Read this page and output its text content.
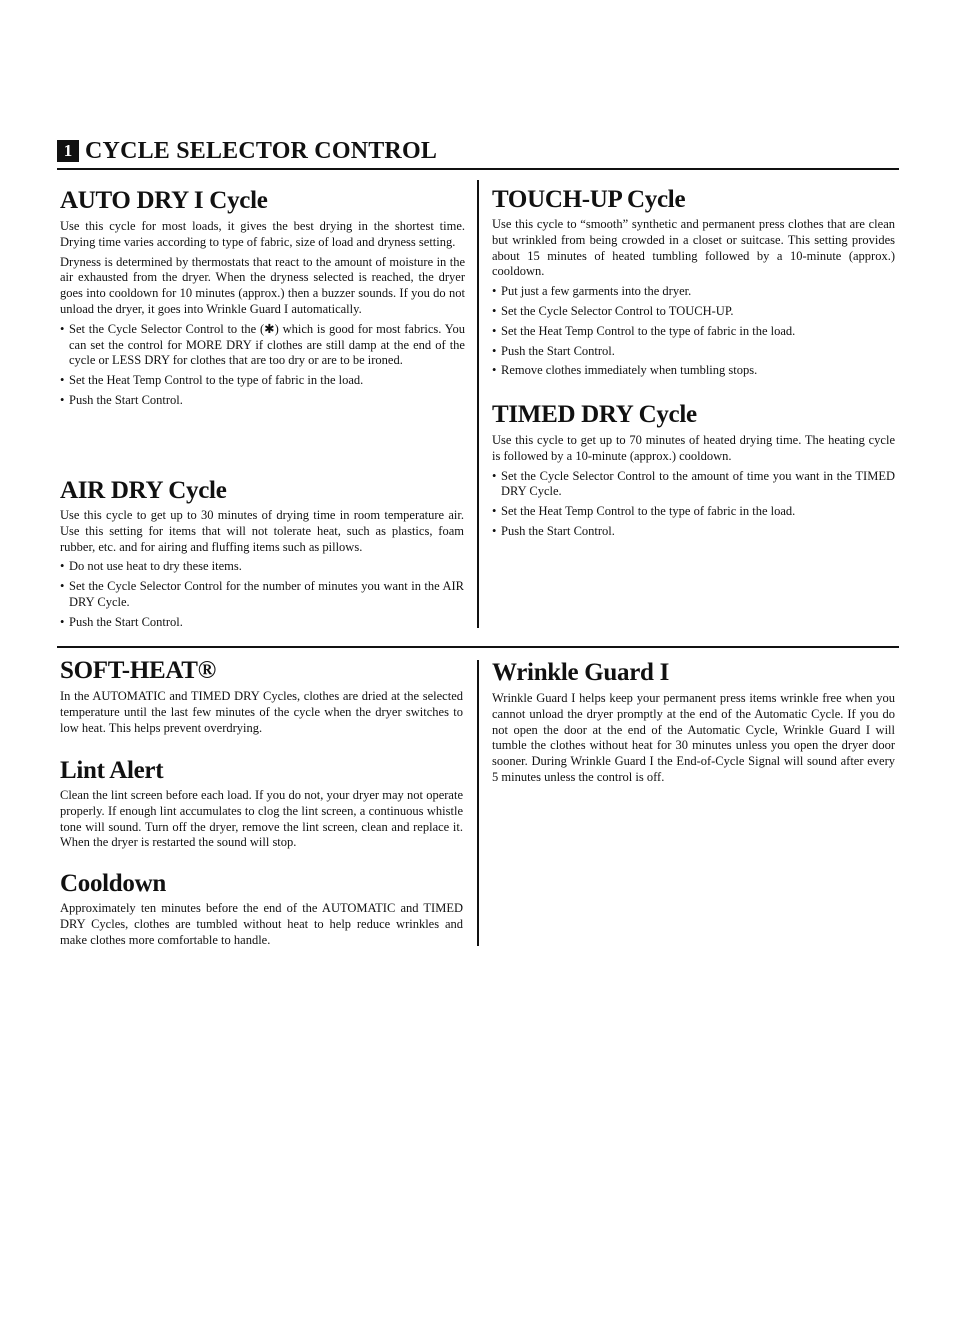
1 CYCLE SELECTOR CONTROL
AUTO DRY I Cycle

Use this cycle for most loads, it gives the best drying in the shortest time. Drying time varies according to type of fabric, size of load and dryness setting.

Dryness is determined by thermostats that react to the amount of moisture in the air exhausted from the dryer. When the dryness selected is reached, the dryer goes into cooldown for 10 minutes (approx.) then a buzzer sounds. If you do not unload the dryer, it goes into Wrinkle Guard I automatically.

• Set the Cycle Selector Control to the (✱) which is good for most fabrics. You can set the control for MORE DRY if clothes are still damp at the end of the cycle or LESS DRY for clothes that are too dry or are to be ironed.
• Set the Heat Temp Control to the type of fabric in the load.
• Push the Start Control.
AIR DRY Cycle

Use this cycle to get up to 30 minutes of drying time in room temperature air. Use this setting for items that will not tolerate heat, such as plastics, foam rubber, etc. and for airing and fluffing items such as pillows.

• Do not use heat to dry these items.
• Set the Cycle Selector Control for the number of minutes you want in the AIR DRY Cycle.
• Push the Start Control.
TOUCH-UP Cycle

Use this cycle to “smooth” synthetic and permanent press clothes that are clean but wrinkled from being crowded in a closet or suitcase. This setting provides about 15 minutes of heated tumbling followed by a 10-minute (approx.) cooldown.

• Put just a few garments into the dryer.
• Set the Cycle Selector Control to TOUCH-UP.
• Set the Heat Temp Control to the type of fabric in the load.
• Push the Start Control.
• Remove clothes immediately when tumbling stops.
TIMED DRY Cycle

Use this cycle to get up to 70 minutes of heated drying time. The heating cycle is followed by a 10-minute (approx.) cooldown.

• Set the Cycle Selector Control to the amount of time you want in the TIMED DRY Cycle.
• Set the Heat Temp Control to the type of fabric in the load.
• Push the Start Control.
SOFT-HEAT®

In the AUTOMATIC and TIMED DRY Cycles, clothes are dried at the selected temperature until the last few minutes of the cycle when the dryer switches to low heat. This helps prevent overdrying.

Lint Alert

Clean the lint screen before each load. If you do not, your dryer may not operate properly. If enough lint accumulates to clog the lint screen, a continuous whistle tone will sound. Turn off the dryer, remove the lint screen, clean and replace it. When the dryer is restarted the sound will stop.

Cooldown

Approximately ten minutes before the end of the AUTOMATIC and TIMED DRY Cycles, clothes are tumbled without heat to help reduce wrinkles and make clothes more comfortable to handle.

Wrinkle Guard I

Wrinkle Guard I helps keep your permanent press items wrinkle free when you cannot unload the dryer promptly at the end of the Automatic Cycle. If you do not open the door at the end of the Automatic Cycle, Wrinkle Guard I will tumble the clothes without heat for 30 minutes unless you open the dryer door sooner. During Wrinkle Guard I the End-of-Cycle Signal will sound after every 5 minutes unless the control is off.
